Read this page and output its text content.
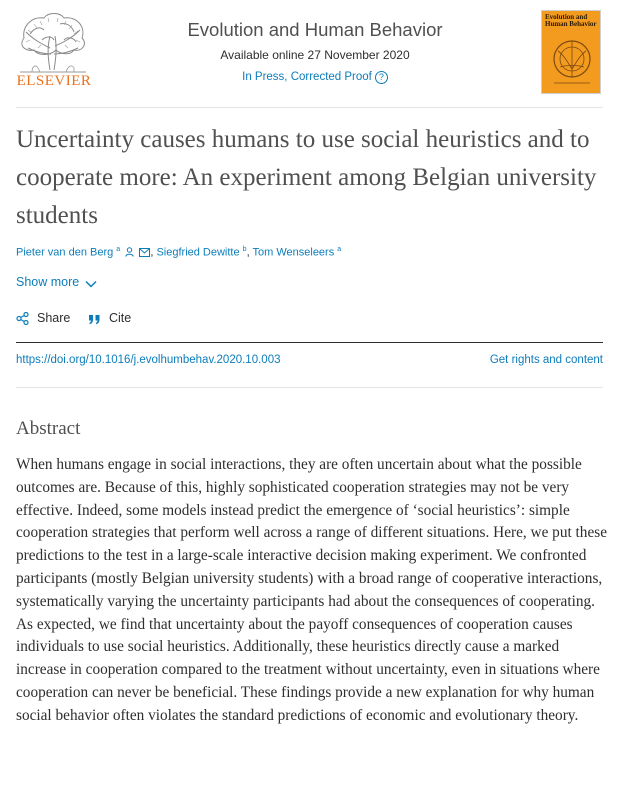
ELSEVIER
Evolution and Human Behavior
Available online 27 November 2020
In Press, Corrected Proof ?
Evolution and Human Behavior
Uncertainty causes humans to use social heuristics and to cooperate more: An experiment among Belgian university students
Pieter van den Berg $^a$	, Siegfried Dewitte $^b$, Tom Wenseleers $^a$
Show more
Share	Cite
https://doi.org/10.1016/j.evolhumbehav.2020.10.003	Get rights and content
Abstract

When humans engage in social interactions, they are often uncertain about what the possible outcomes are. Because of this, highly sophisticated cooperation strategies may not be very effective. Indeed, some models instead predict the emergence of ‘social heuristics’: simple cooperation strategies that perform well across a range of different situations. Here, we put these predictions to the test in a large-scale interactive decision making experiment. We confronted participants (mostly Belgian university students) with a broad range of cooperative interactions, systematically varying the uncertainty participants had about the consequences of cooperating. As expected, we find that uncertainty about the payoff consequences of cooperation causes individuals to use social heuristics. Additionally, these heuristics directly cause a marked increase in cooperation compared to the treatment without uncertainty, even in situations where cooperation can never be beneficial. These findings provide a new explanation for why human social behavior often violates the standard predictions of economic and evolutionary theory.
